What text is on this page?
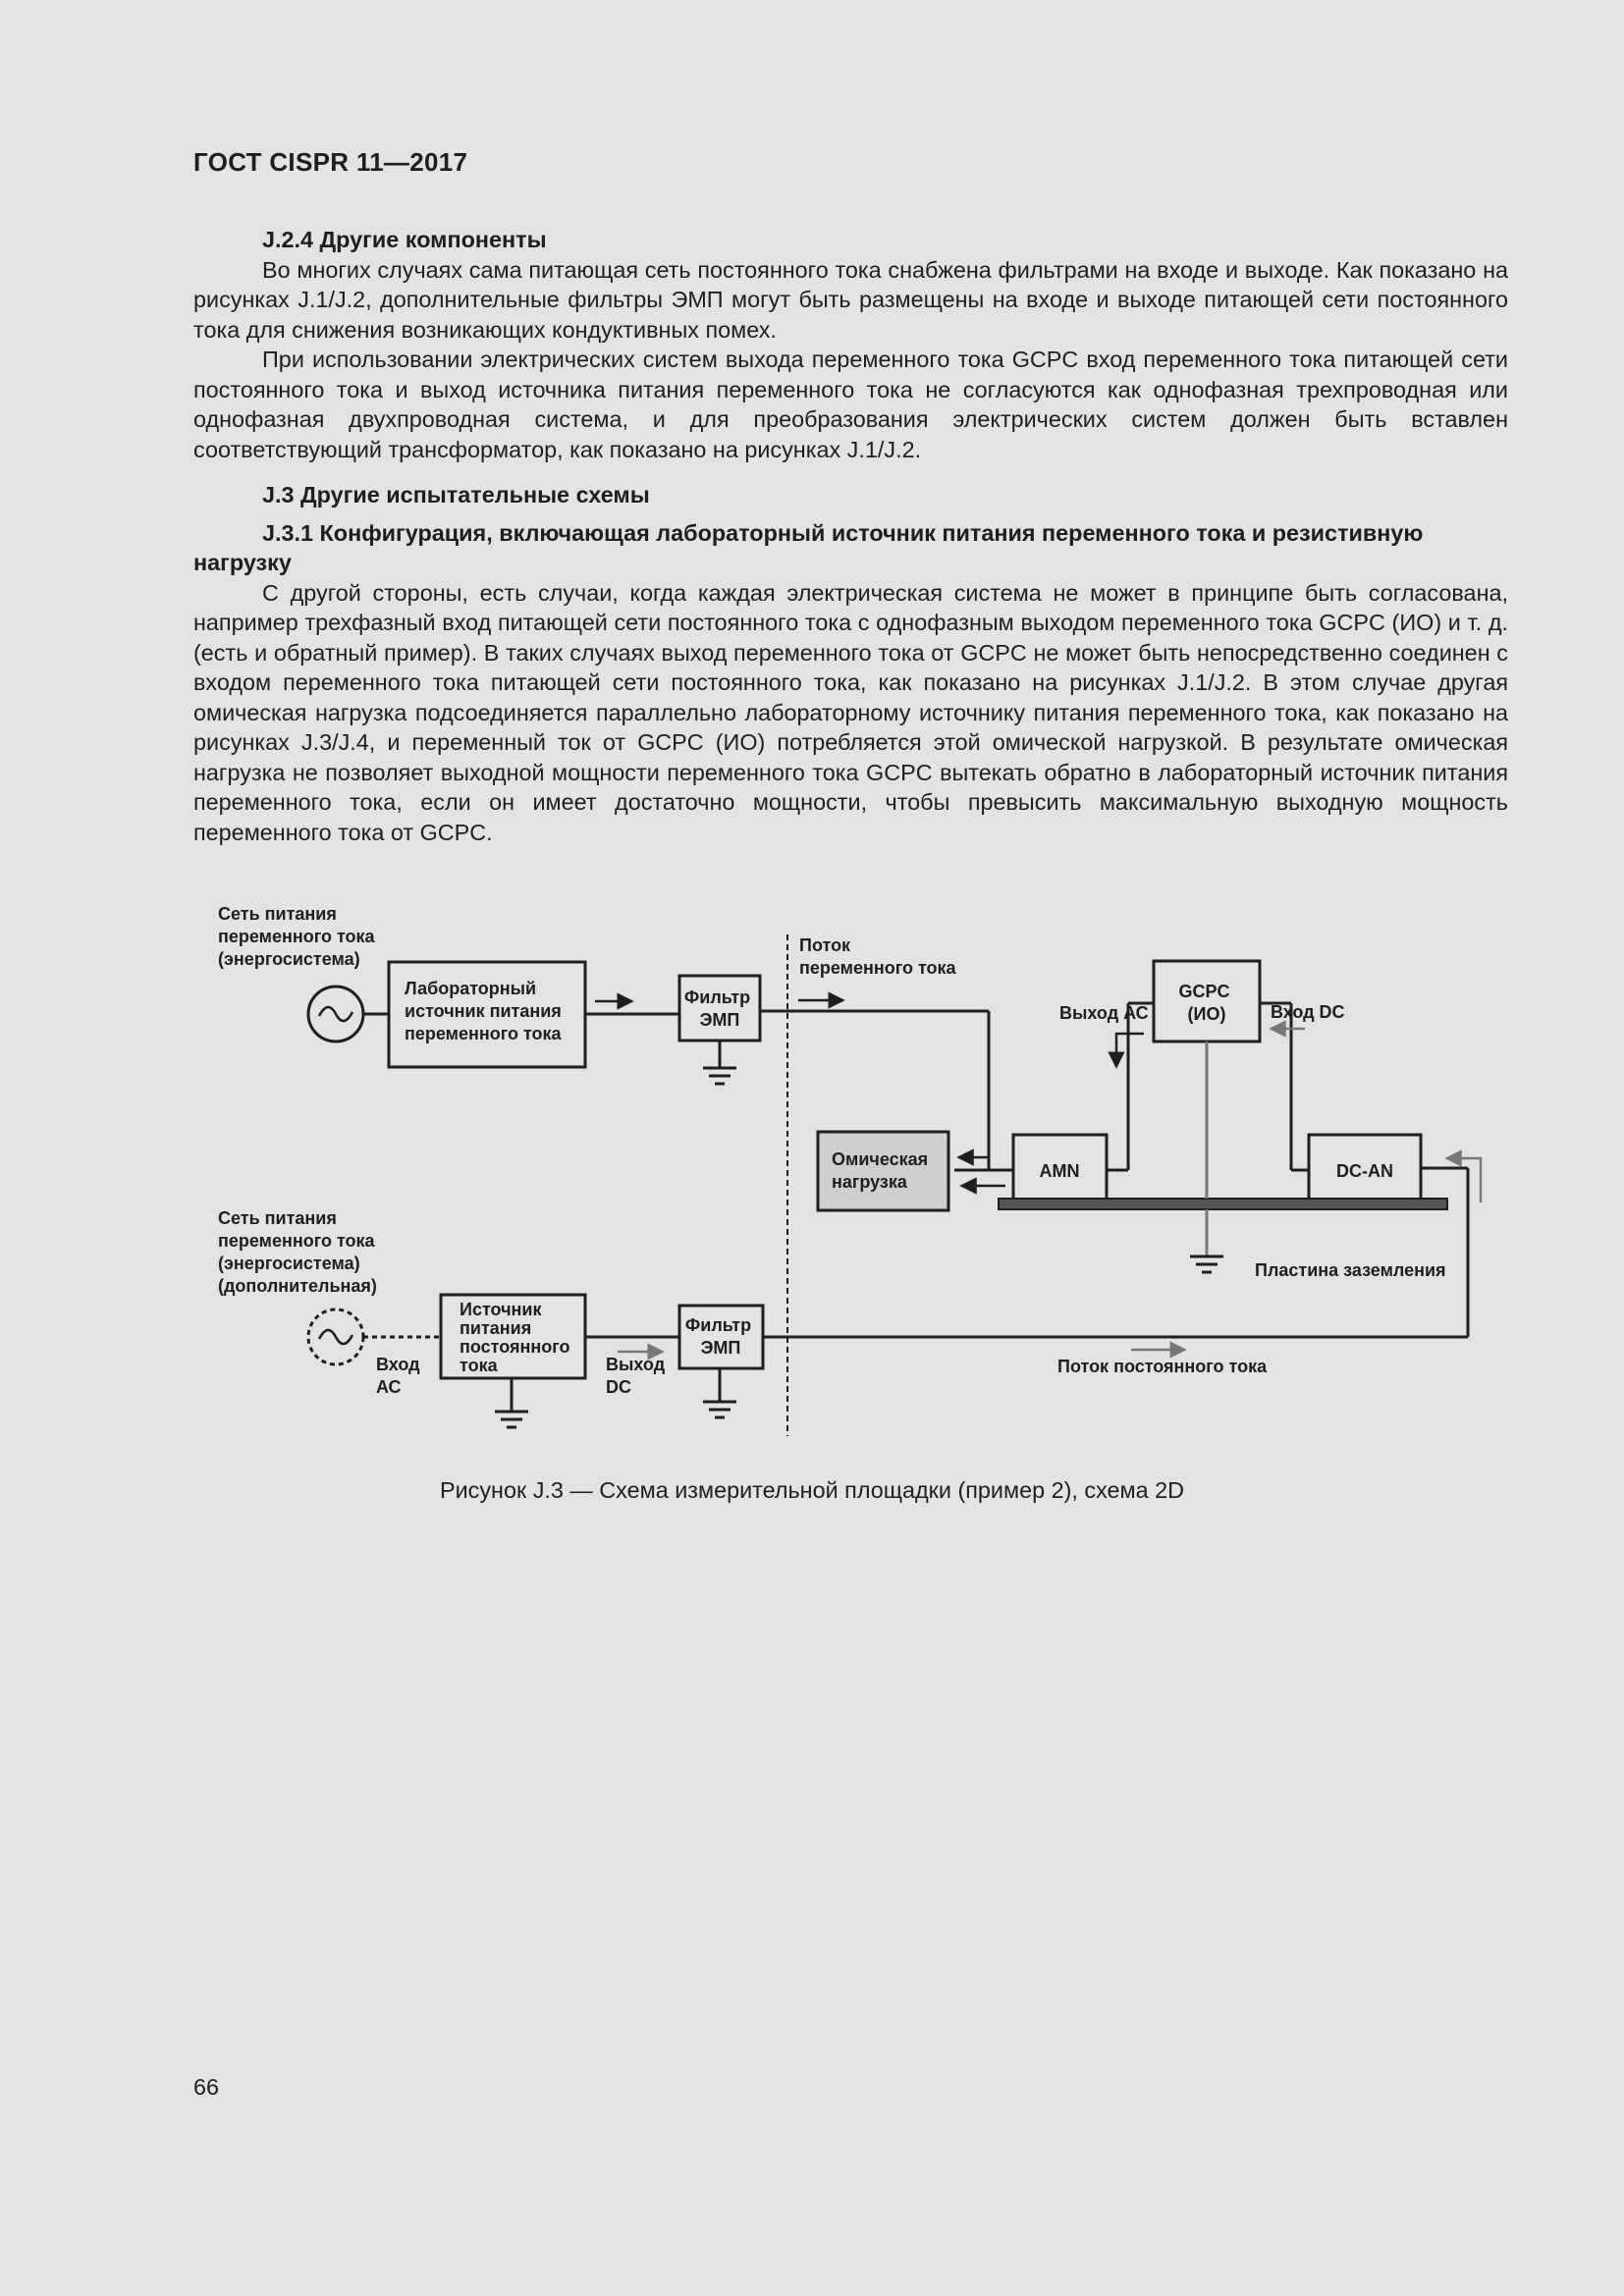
ГОСТ CISPR 11—2017

J.2.4 Другие компоненты

Во многих случаях сама питающая сеть постоянного тока снабжена фильтрами на входе и выходе. Как показано на рисунках J.1/J.2, дополнительные фильтры ЭМП могут быть размещены на входе и выходе питающей сети постоянного тока для снижения возникающих кондуктивных помех.

При использовании электрических систем выхода переменного тока GCPC вход переменного тока питающей сети постоянного тока и выход источника питания переменного тока не согласуются как однофазная трехпроводная или однофазная двухпроводная система, и для преобразования электрических систем должен быть вставлен соответствующий трансформатор, как показано на рисунках J.1/J.2.

J.3 Другие испытательные схемы

J.3.1 Конфигурация, включающая лабораторный источник питания переменного тока и резистивную нагрузку

С другой стороны, есть случаи, когда каждая электрическая система не может в принципе быть согласована, например трехфазный вход питающей сети постоянного тока с однофазным выходом переменного тока GCPC (ИО) и т. д. (есть и обратный пример). В таких случаях выход переменного тока от GCPC не может быть непосредственно соединен с входом переменного тока питающей сети постоянного тока, как показано на рисунках J.1/J.2. В этом случае другая омическая нагрузка подсоединяется параллельно лабораторному источнику питания переменного тока, как показано на рисунках J.3/J.4, и переменный ток от GCPC (ИО) потребляется этой омической нагрузкой. В результате омическая нагрузка не позволяет выходной мощности переменного тока GCPC вытекать обратно в лабораторный источник питания переменного тока, если он имеет достаточно мощности, чтобы превысить максимальную выходную мощность переменного тока от GCPC.

Сеть питания переменного тока (энергосистема)
Лабораторный источник питания переменного тока
Фильтр ЭМП
Поток переменного тока
Выход АС
GCPC (ИО)	Вход DC
Омическая нагрузка
AMN	DC-AN
Пластина заземления
Сеть питания переменного тока (энергосистема) (дополнительная)
Источник питания постоянного тока
Вход АС
Выход DC
Фильтр ЭМП
Поток постоянного тока
Рисунок J.3 — Схема измерительной площадки (пример 2), схема 2D
66
